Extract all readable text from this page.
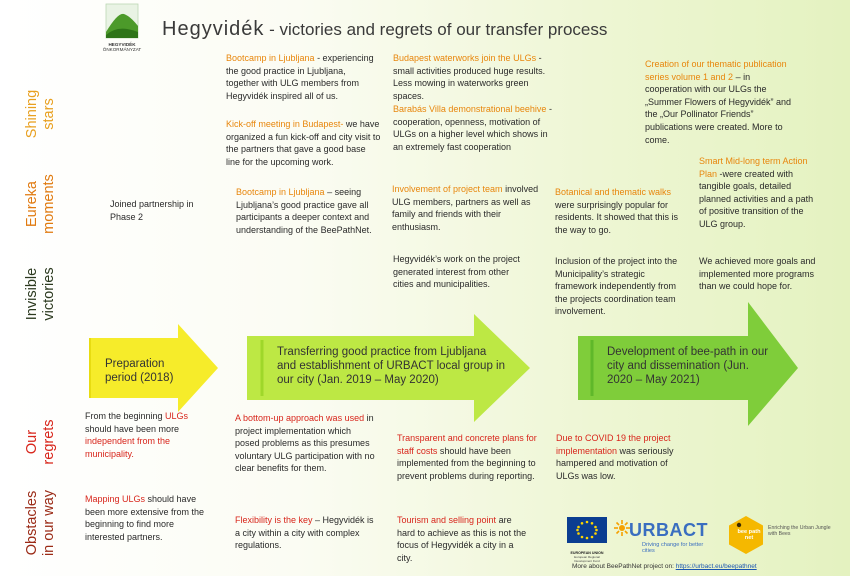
HEGYVIDÉK
ÖNKORMÁNYZAT
Hegyvidék - victories and regrets of our transfer process
Shining stars
Eureka moments
Invisible victories
Our regrets
Obstacles in our way
Preparation period (2018)
Transferring good practice from Ljubljana and establishment of URBACT local group in our city (Jan. 2019 – May 2020)
Development of bee-path in our city and dissemination (Jun. 2020 – May 2021)
Bootcamp in Ljubljana - experiencing the good practice in Ljubljana, together with ULG members from Hegyvidék inspired all of us.
Kick-off meeting in Budapest- we have organized a fun kick-off and city visit to the partners that gave a good base line for the upcoming work.
Budapest waterworks join the ULGs - small activities produced huge results. Less mowing in waterworks green spaces.
Barabás Villa demonstrational beehive - cooperation, openness, motivation of ULGs on a higher level which shows in an extremely fast cooperation
Creation of our thematic publication series volume 1 and 2 – in cooperation with our ULGs the „Summer Flowers of Hegyvidék” and the „Our Pollinator Friends” publications were created. More to come.
Joined partnership in Phase 2
Bootcamp in Ljubljana – seeing Ljubljana’s good practice gave all participants a deeper context and understanding of the BeePathNet.
Involvement of project team involved ULG members, partners as well as family and friends with their enthusiasm.
Botanical and thematic walks were surprisingly popular for residents. It showed that this is the way to go.
Smart Mid-long term Action Plan -were created with tangible goals, detailed planned activities and a path of positive transition of the ULG group.
Hegyvidék’s work on the project generated interest from other cities and municipalities.
Inclusion of the project into the Municipality’s strategic framework independently from the projects coordination team involvement.
We achieved more goals and implemented more programs than we could hope for.
From the beginning ULGs should have been more independent from the municipality.
A bottom-up approach was used in project implementation which posed problems as this presumes voluntary ULG participation with no clear benefits for them.
Transparent and concrete plans for staff costs should have been implemented from the beginning to prevent problems during reporting.
Due to COVID 19 the project implementation was seriously hampered and motivation of ULGs was low.
Mapping ULGs should have been more extensive from the beginning to find more interested partners.
Flexibility is the key – Hegyvidék is a city within a city with complex regulations.
Tourism and selling point are hard to achieve as this is not the focus of Hegyvidék a city in a city.	EUROPEAN UNION
European Regional Development Fund
URBACT
Driving change for better cities
bee path net
Enriching the Urban Jungle with Bees
More about BeePathNet project on: https://urbact.eu/beepathnet
